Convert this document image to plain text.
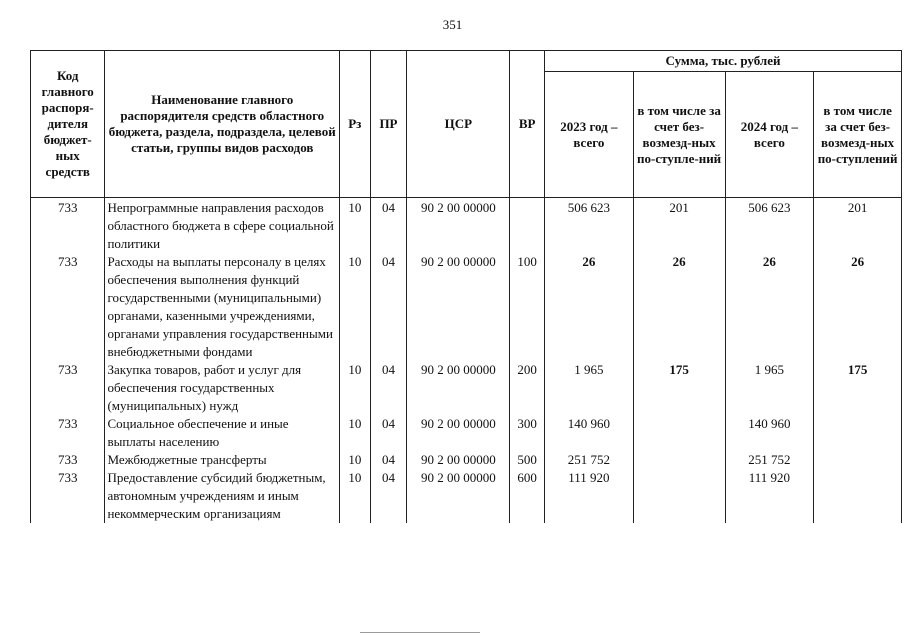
351
Код главного распоря-дителя бюджет-ных средств	Наименование главного распорядителя средств областного бюджета, раздела, подраздела, целевой статьи, группы видов расходов	Рз	ПР	ЦСР	ВР	Сумма, тыс. рублей			
						2023 год – всего	в том числе за счет без-возмезд-ных по-ступле-ний	2024 год – всего	в том числе за счет без-возмезд-ных по-ступлений
733	Непрограммные направления расходов областного бюджета в сфере социальной политики	10	04	90 2 00 00000		506 623	201	506 623	201
733	Расходы на выплаты персоналу в целях обеспечения выполнения функций государственными (муниципальными) органами, казенными учреждениями, органами управления государственными внебюджетными фондами	10	04	90 2 00 00000	100	26	26	26	26
733	Закупка товаров, работ и услуг для обеспечения государственных (муниципальных) нужд	10	04	90 2 00 00000	200	1 965	175	1 965	175
733	Социальное обеспечение и иные выплаты населению	10	04	90 2 00 00000	300	140 960		140 960	
733	Межбюджетные трансферты	10	04	90 2 00 00000	500	251 752		251 752	
733	Предоставление субсидий бюджетным, автономным учреждениям и иным некоммерческим организациям	10	04	90 2 00 00000	600	111 920		111 920	
